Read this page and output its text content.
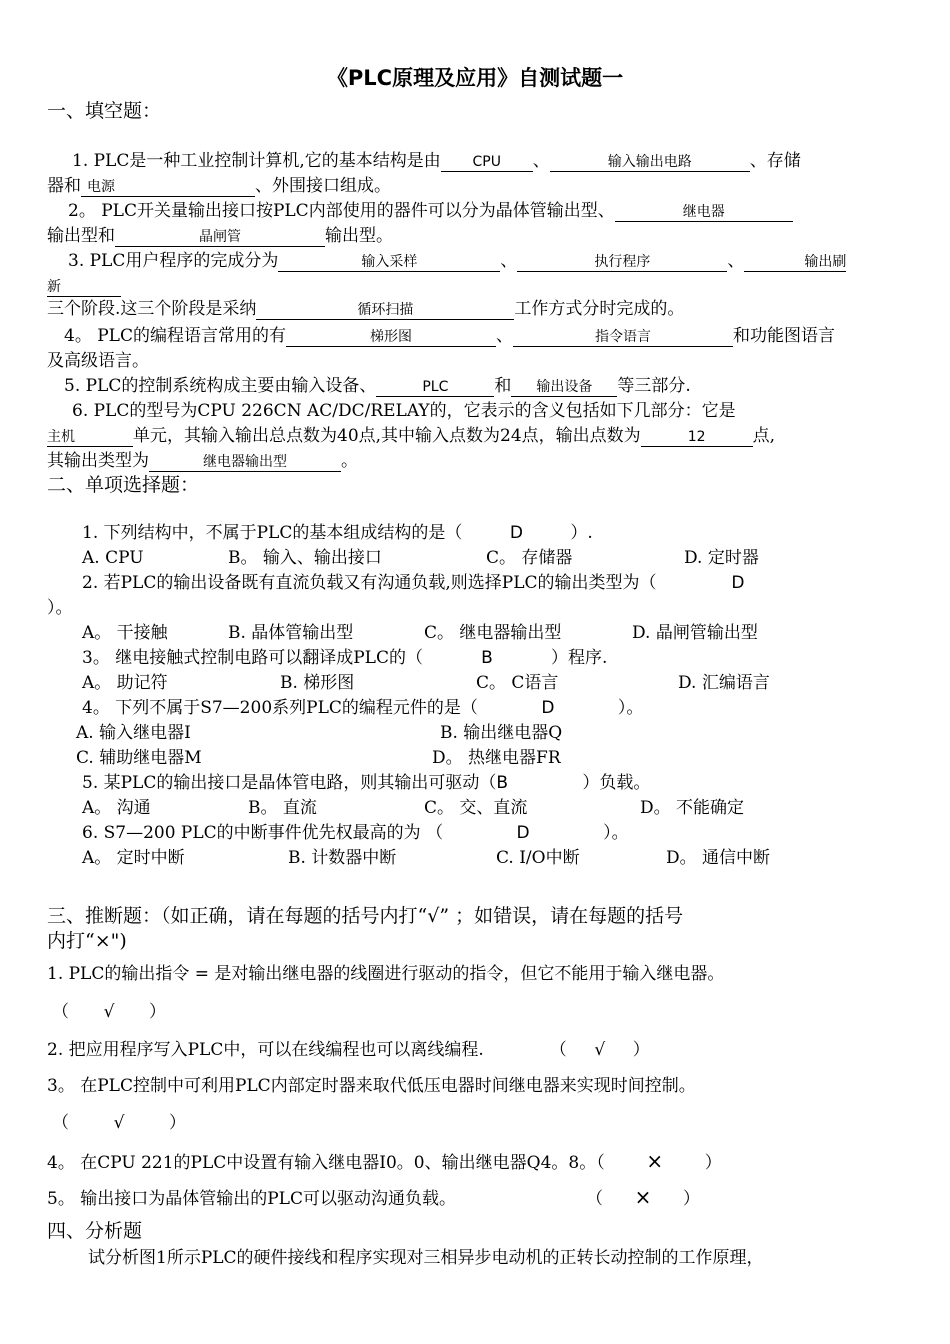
《PLC原理及应用》自测试题一
一、填空题：
1. PLC是一种工业控制计算机,它的基本结构是由 CPU 、	输入输出电路	、存储
器和 电源	、外围接口组成。
2。 PLC开关量输出接口按PLC内部使用的器件可以分为晶体管输出型、	继电器
输出型和	晶闸管	输出型。
3. PLC用户程序的完成分为	输入采样	、	执行程序	、	输出刷
新
三个阶段.这三个阶段是采纳	循环扫描	工作方式分时完成的。
4。 PLC的编程语言常用的有	梯形图	、	指令语言	和功能图语言
及高级语言。
5. PLC的控制系统构成主要由输入设备、	PLC	和 输出设备 等三部分.
6. PLC的型号为CPU 226CN AC/DC/RELAY的，它表示的含义包括如下几部分：它是
主机	单元，其输入输出总点数为40点,其中输入点数为24点，输出点数为	12	点,
其输出类型为	继电器输出型	。
二、单项选择题：
1. 下列结构中，不属于PLC的基本组成结构的是（	D	）.
A. CPU	B。 输入、输出接口	C。 存储器	D. 定时器
2. 若PLC的输出设备既有直流负载又有沟通负载,则选择PLC的输出类型为（	D
）。
A。 干接触	B. 晶体管输出型	C。 继电器输出型	D. 晶闸管输出型
3。 继电接触式控制电路可以翻译成PLC的（	B	）程序.
A。 助记符	B. 梯形图	C。 C语言	D. 汇编语言
4。 下列不属于S7—200系列PLC的编程元件的是（	D	）。
A. 输入继电器I	B. 输出继电器Q
C. 辅助继电器M	D。 热继电器FR
5. 某PLC的输出接口是晶体管电路，则其输出可驱动（B	）负载。
A。 沟通	B。 直流	C。 交、直流	D。 不能确定
6. S7—200 PLC的中断事件优先权最高的为 （	D	）。
A。 定时中断	B. 计数器中断	C. I/O中断	D。 通信中断
三、推断题：（如正确，请在每题的括号内打“√” ；如错误，请在每题的括号
内打“×")
1. PLC的输出指令 = 是对输出继电器的线圈进行驱动的指令，但它不能用于输入继电器。
（ √ ）
2. 把应用程序写入PLC中，可以在线编程也可以离线编程.	（ √ ）
3。 在PLC控制中可利用PLC内部定时器来取代低压电器时间继电器来实现时间控制。
（	√	）
4。 在CPU 221的PLC中设置有输入继电器I0。0、输出继电器Q4。8。（ × ）
5。 输出接口为晶体管输出的PLC可以驱动沟通负载。	（ × ）
四、分析题
试分析图1所示PLC的硬件接线和程序实现对三相异步电动机的正转长动控制的工作原理，
